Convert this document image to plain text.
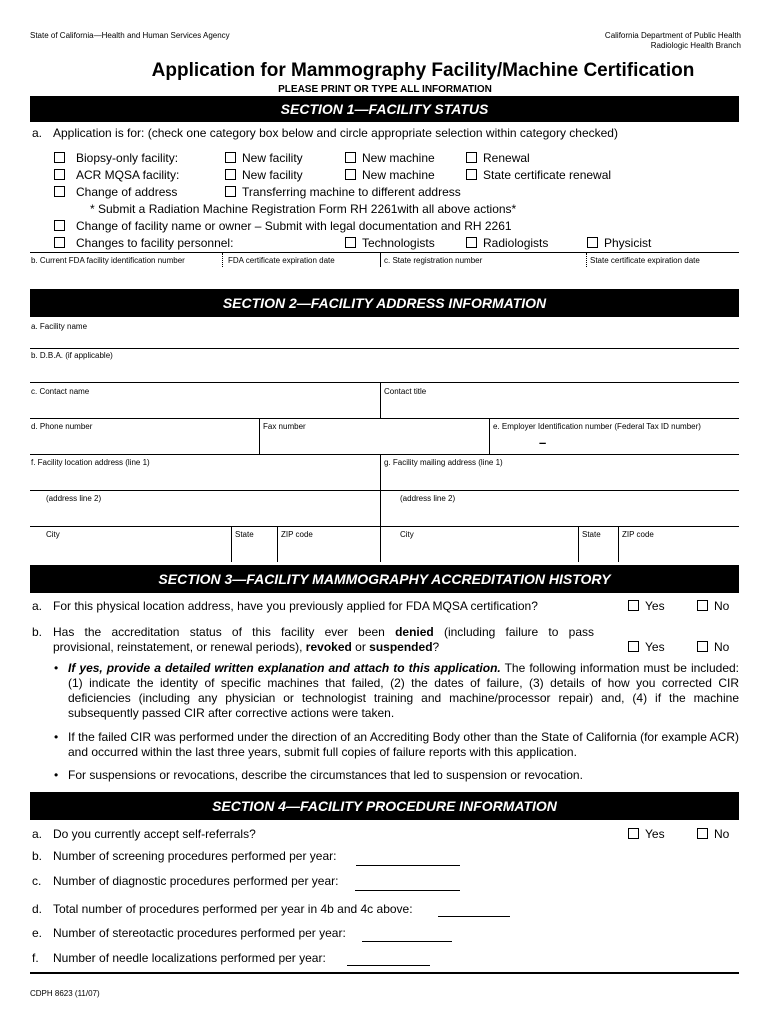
State of California—Health and Human Services Agency	California Department of Public Health
Radiologic Health Branch
Application for Mammography Facility/Machine Certification
PLEASE PRINT OR TYPE ALL INFORMATION
SECTION 1—FACILITY STATUS
a. Application is for: (check one category box below and circle appropriate selection within category checked)
Biopsy-only facility:	New facility	New machine	Renewal
ACR MQSA facility:	New facility	New machine	State certificate renewal
Change of address	Transferring machine to different address
* Submit a Radiation Machine Registration Form RH 2261with all above actions*
Change of facility name or owner – Submit with legal documentation and RH 2261
Changes to facility personnel:	Technologists	Radiologists	Physicist
b. Current FDA facility identification number	FDA certificate expiration date	c. State registration number	State certificate expiration date
SECTION 2—FACILITY ADDRESS INFORMATION
a. Facility name
b. D.B.A. (if applicable)
c. Contact name	Contact title
d. Phone number	Fax number	e. Employer Identification number (Federal Tax ID number)
–
f. Facility location address (line 1)	g. Facility mailing address (line 1)
(address line 2)	(address line 2)
City	State	ZIP code	City	State	ZIP code
SECTION 3—FACILITY MAMMOGRAPHY ACCREDITATION HISTORY
a. For this physical location address, have you previously applied for FDA MQSA certification?	Yes	No
b. Has the accreditation status of this facility ever been denied (including failure to pass
provisional, reinstatement, or renewal periods), revoked or suspended?	Yes	No
• If yes, provide a detailed written explanation and attach to this application. The following information must be included: (1) indicate the identity of specific machines that failed, (2) the dates of failure, (3) details of how you corrected CIR deficiencies (including any physician or technologist training and machine/processor repair) and, (4) if the machine subsequently passed CIR after corrective actions were taken.
• If the failed CIR was performed under the direction of an Accrediting Body other than the State of California (for example ACR) and occurred within the last three years, submit full copies of failure reports with this application.
• For suspensions or revocations, describe the circumstances that led to suspension or revocation.
SECTION 4—FACILITY PROCEDURE INFORMATION
a. Do you currently accept self-referrals?	Yes	No
b. Number of screening procedures performed per year:
c. Number of diagnostic procedures performed per year:
d. Total number of procedures performed per year in 4b and 4c above:
e. Number of stereotactic procedures performed per year:
f. Number of needle localizations performed per year:
CDPH 8623 (11/07)
